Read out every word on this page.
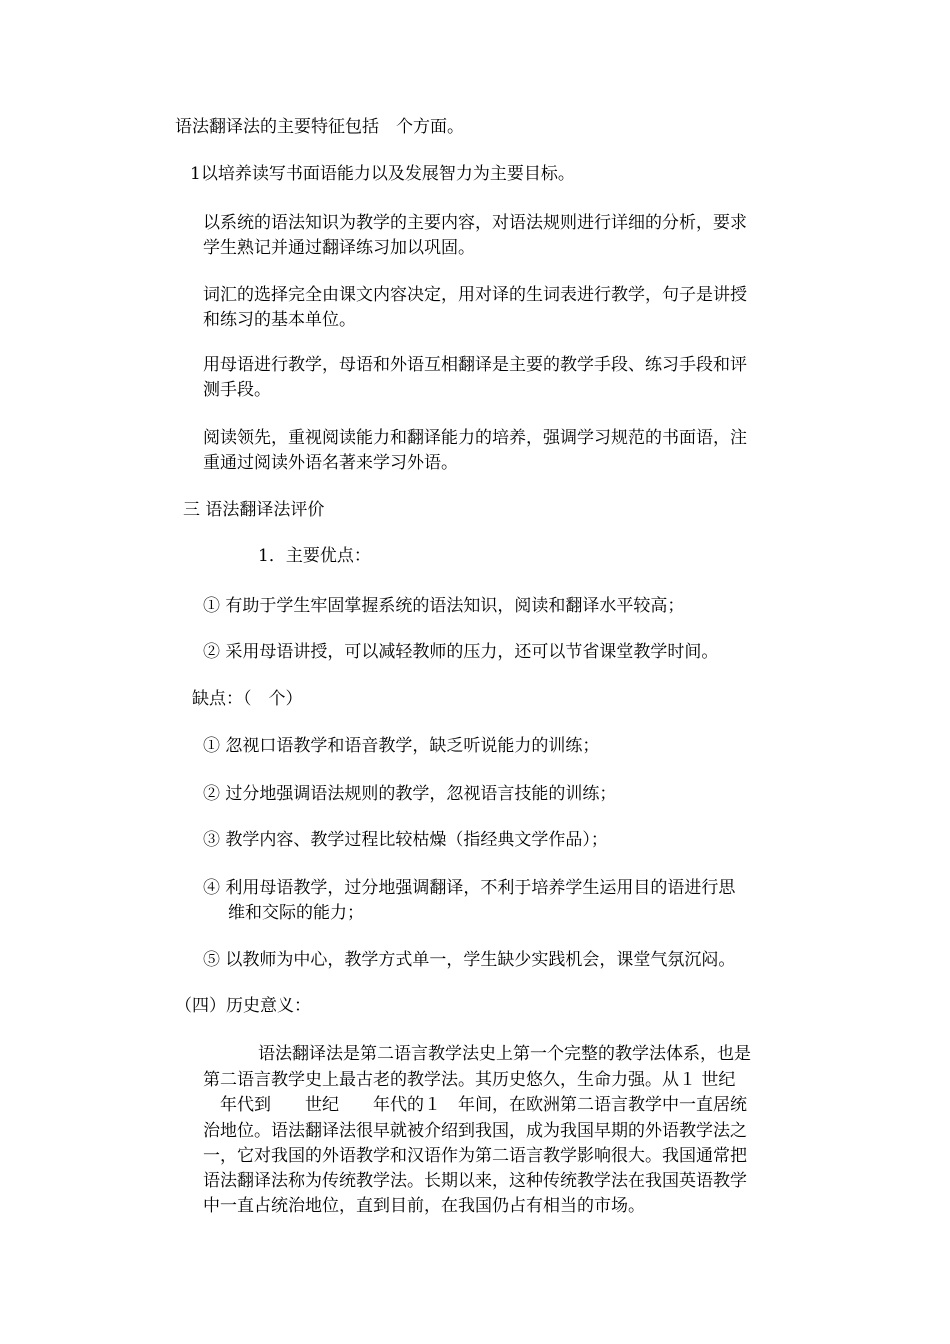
语法翻译法的主要特征包括　个方面。
1以培养读写书面语能力以及发展智力为主要目标。
以系统的语法知识为教学的主要内容，对语法规则进行详细的分析，要求
学生熟记并通过翻译练习加以巩固。
词汇的选择完全由课文内容决定，用对译的生词表进行教学，句子是讲授
和练习的基本单位。
用母语进行教学，母语和外语互相翻译是主要的教学手段、练习手段和评
测手段。
阅读领先，重视阅读能力和翻译能力的培养，强调学习规范的书面语，注
重通过阅读外语名著来学习外语。
三 语法翻译法评价
1．主要优点：
① 有助于学生牢固掌握系统的语法知识，阅读和翻译水平较高；
② 采用母语讲授，可以减轻教师的压力，还可以节省课堂教学时间。
缺点：（　个）
① 忽视口语教学和语音教学，缺乏听说能力的训练；
② 过分地强调语法规则的教学，忽视语言技能的训练；
③ 教学内容、教学过程比较枯燥（指经典文学作品）；
④ 利用母语教学，过分地强调翻译，不利于培养学生运用目的语进行思
维和交际的能力；
⑤ 以教师为中心，教学方式单一，学生缺少实践机会，课堂气氛沉闷。
（四）历史意义：
语法翻译法是第二语言教学法史上第一个完整的教学法体系，也是
第二语言教学史上最古老的教学法。其历史悠久，生命力强。从１ 世纪
年代到　　世纪　　年代的１　年间，在欧洲第二语言教学中一直居统
治地位。语法翻译法很早就被介绍到我国，成为我国早期的外语教学法之
一，它对我国的外语教学和汉语作为第二语言教学影响很大。我国通常把
语法翻译法称为传统教学法。长期以来，这种传统教学法在我国英语教学
中一直占统治地位，直到目前，在我国仍占有相当的市场。
